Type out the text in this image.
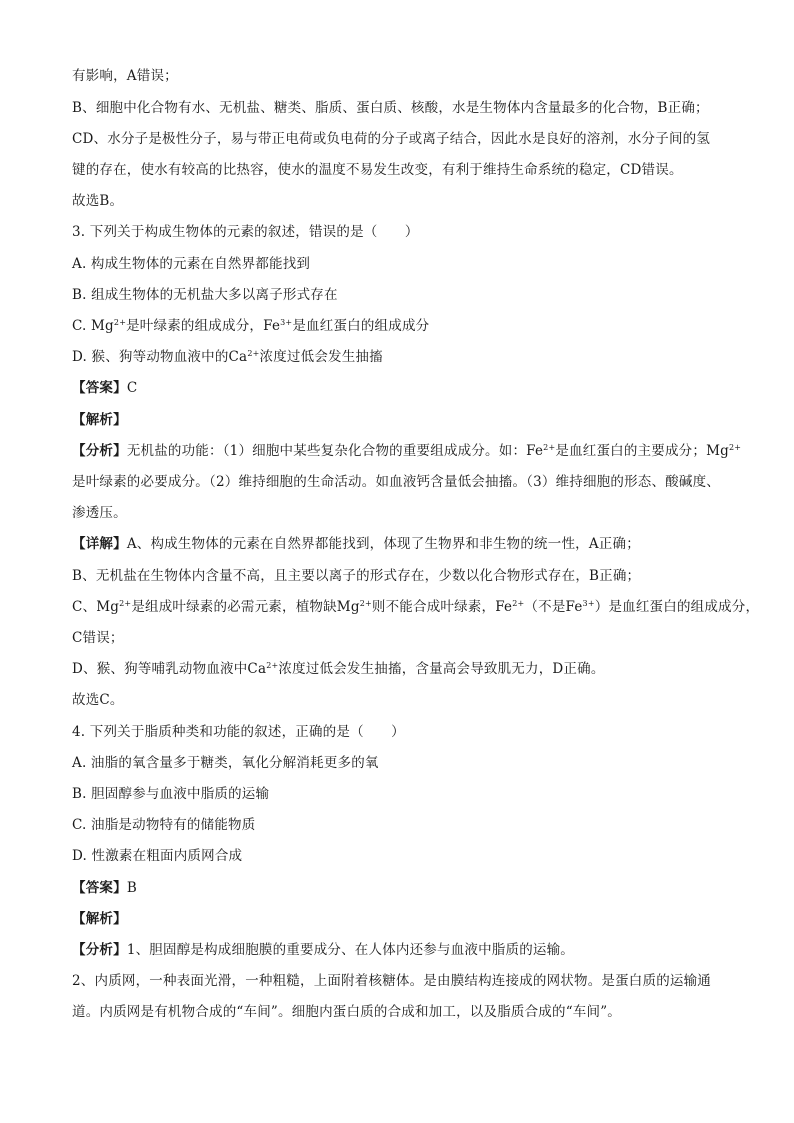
有影响，A错误；
B、细胞中化合物有水、无机盐、糖类、脂质、蛋白质、核酸，水是生物体内含量最多的化合物，B正确；
CD、水分子是极性分子，易与带正电荷或负电荷的分子或离子结合，因此水是良好的溶剂，水分子间的氢
键的存在，使水有较高的比热容，使水的温度不易发生改变，有利于维持生命系统的稳定，CD错误。
故选B。
3. 下列关于构成生物体的元素的叙述，错误的是（　　）
A. 构成生物体的元素在自然界都能找到
B. 组成生物体的无机盐大多以离子形式存在
C. $Mg^{2+}$是叶绿素的组成成分，$Fe^{3+}$是血红蛋白的组成成分
D. 猴、狗等动物血液中的$Ca^{2+}$浓度过低会发生抽搐
【答案】C
【解析】
【分析】无机盐的功能：（1）细胞中某些复杂化合物的重要组成成分。如：$Fe^{2+}$是血红蛋白的主要成分；$Mg^{2+}$
是叶绿素的必要成分。（2）维持细胞的生命活动。如血液钙含量低会抽搐。（3）维持细胞的形态、酸碱度、
渗透压。
【详解】A、构成生物体的元素在自然界都能找到，体现了生物界和非生物的统一性，A正确；
B、无机盐在生物体内含量不高，且主要以离子的形式存在，少数以化合物形式存在，B正确；
C、$Mg^{2+}$是组成叶绿素的必需元素，植物缺$Mg^{2+}$则不能合成叶绿素，$Fe^{2+}$（不是$Fe^{3+}$）是血红蛋白的组成成分，
C错误；
D、猴、狗等哺乳动物血液中$Ca^{2+}$浓度过低会发生抽搐，含量高会导致肌无力，D正确。
故选C。
4. 下列关于脂质种类和功能的叙述，正确的是（　　）
A. 油脂的氧含量多于糖类，氧化分解消耗更多的氧
B. 胆固醇参与血液中脂质的运输
C. 油脂是动物特有的储能物质
D. 性激素在粗面内质网合成
【答案】B
【解析】
【分析】1、胆固醇是构成细胞膜的重要成分、在人体内还参与血液中脂质的运输。
2、内质网，一种表面光滑，一种粗糙，上面附着核糖体。是由膜结构连接成的网状物。是蛋白质的运输通
道。内质网是有机物合成的“车间”。细胞内蛋白质的合成和加工，以及脂质合成的“车间”。
